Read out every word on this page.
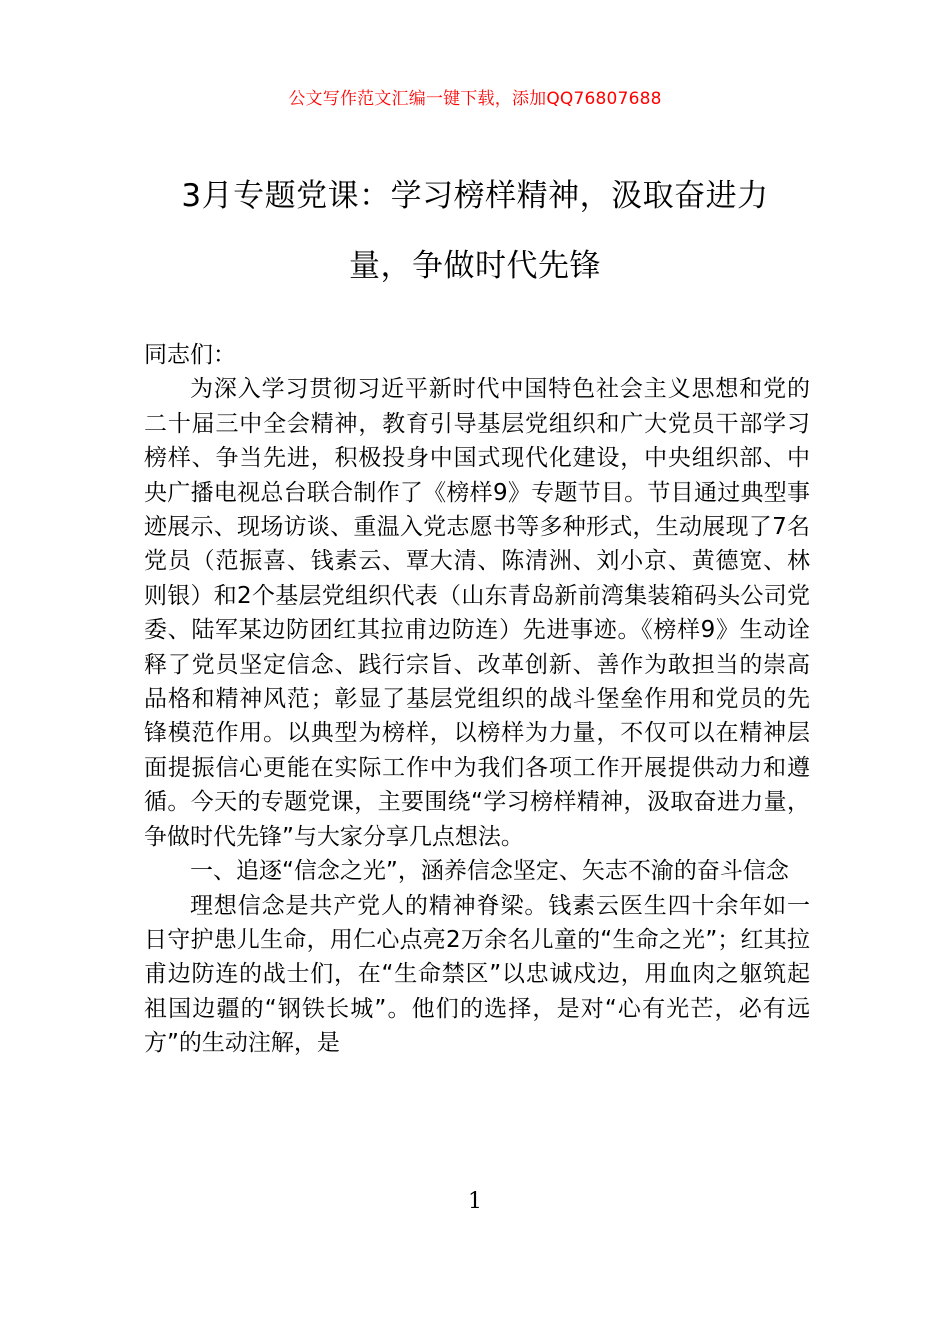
公文写作范文汇编一键下载，添加QQ76807688
3月专题党课：学习榜样精神，汲取奋进力
量，争做时代先锋

同志们：

为深入学习贯彻习近平新时代中国特色社会主义思想和党的二十届三中全会精神，教育引导基层党组织和广大党员干部学习榜样、争当先进，积极投身中国式现代化建设，中央组织部、中央广播电视总台联合制作了《榜样9》专题节目。节目通过典型事迹展示、现场访谈、重温入党志愿书等多种形式，生动展现了7名党员（范振喜、钱素云、覃大清、陈清洲、刘小京、黄德宽、林则银）和2个基层党组织代表（山东青岛新前湾集装箱码头公司党委、陆军某边防团红其拉甫边防连）先进事迹。《榜样9》生动诠释了党员坚定信念、践行宗旨、改革创新、善作为敢担当的崇高品格和精神风范；彰显了基层党组织的战斗堡垒作用和党员的先锋模范作用。以典型为榜样，以榜样为力量，不仅可以在精神层面提振信心更能在实际工作中为我们各项工作开展提供动力和遵循。今天的专题党课，主要围绕“学习榜样精神，汲取奋进力量，争做时代先锋”与大家分享几点想法。

一、追逐“信念之光”，涵养信念坚定、矢志不渝的奋斗信念

理想信念是共产党人的精神脊梁。钱素云医生四十余年如一日守护患儿生命，用仁心点亮2万余名儿童的“生命之光”；红其拉甫边防连的战士们，在“生命禁区”以忠诚戍边，用血肉之躯筑起祖国边疆的“钢铁长城”。他们的选择，是对“心有光芒，必有远方”的生动注解，是

1
